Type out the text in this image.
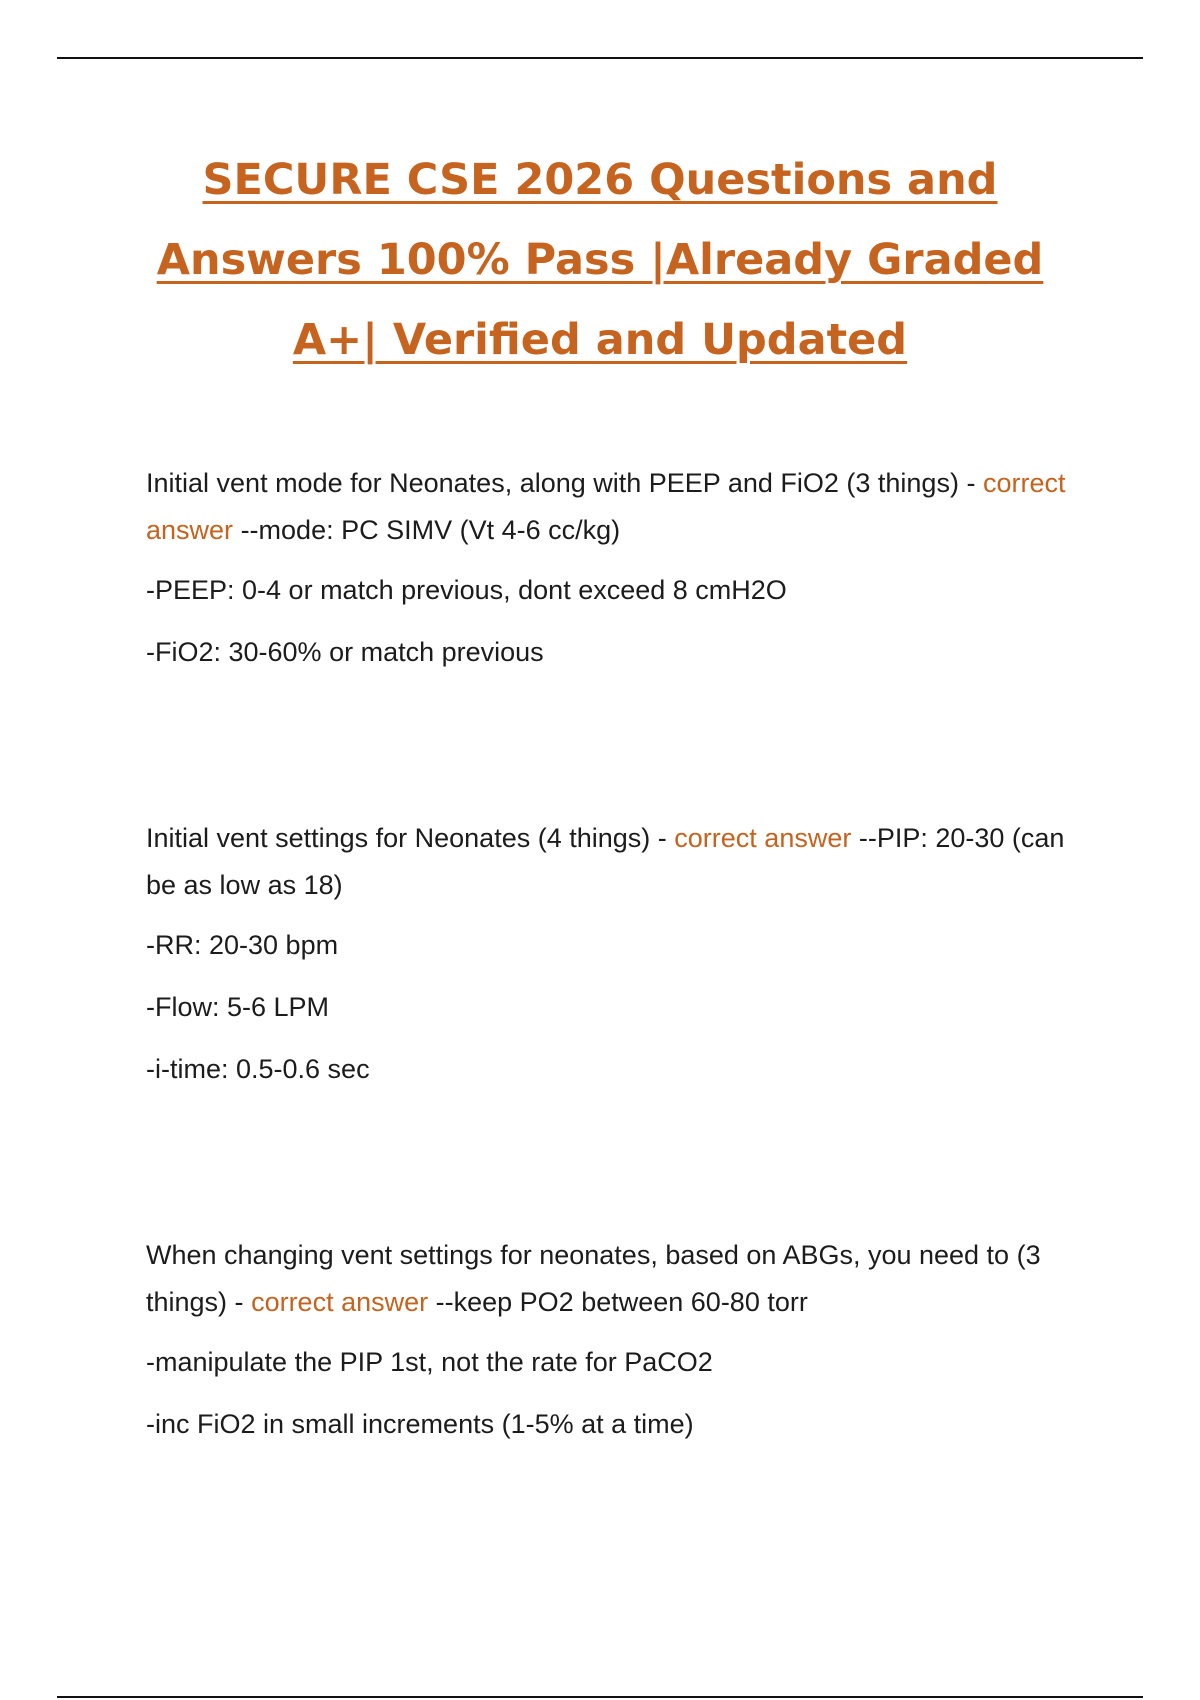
SECURE CSE 2026 Questions and
Answers 100% Pass |Already Graded
A+| Verified and Updated
Initial vent mode for Neonates, along with PEEP and FiO2 (3 things) - correct answer --mode: PC SIMV (Vt 4-6 cc/kg)
-PEEP: 0-4 or match previous, dont exceed 8 cmH2O
-FiO2: 30-60% or match previous
Initial vent settings for Neonates (4 things) - correct answer --PIP: 20-30 (can be as low as 18)
-RR: 20-30 bpm
-Flow: 5-6 LPM
-i-time: 0.5-0.6 sec
When changing vent settings for neonates, based on ABGs, you need to (3 things) - correct answer --keep PO2 between 60-80 torr
-manipulate the PIP 1st, not the rate for PaCO2
-inc FiO2 in small increments (1-5% at a time)
